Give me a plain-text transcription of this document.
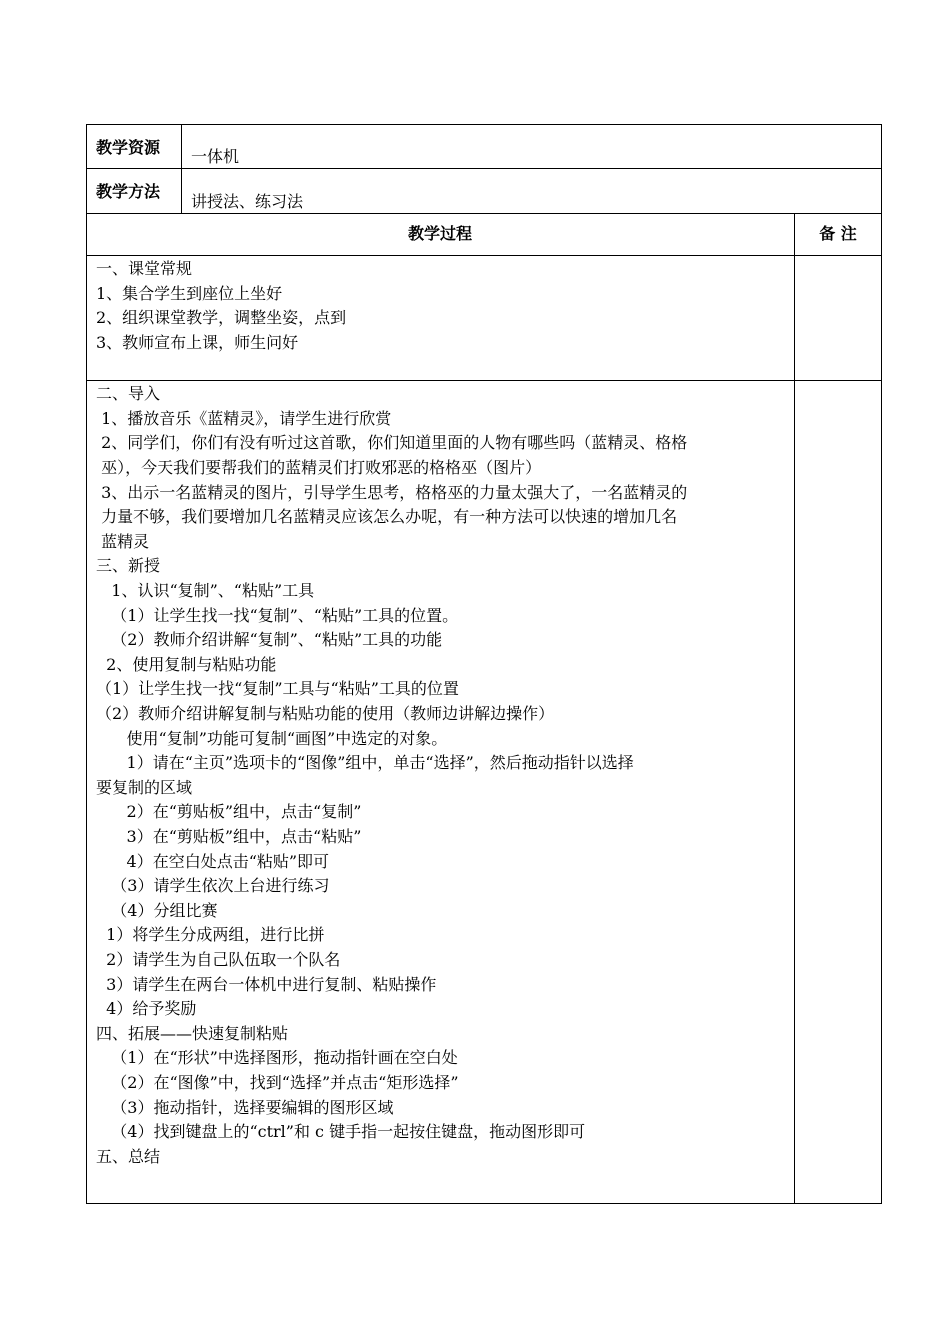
教学资源 一体机
教学方法
讲授法、练习法
教学过程	备 注
一、课堂常规
1、集合学生到座位上坐好
2、组织课堂教学，调整坐姿，点到
3、教师宣布上课，师生问好
二、导入
1、播放音乐《蓝精灵》，请学生进行欣赏
2、同学们，你们有没有听过这首歌，你们知道里面的人物有哪些吗（蓝精灵、格格
巫），今天我们要帮我们的蓝精灵们打败邪恶的格格巫（图片）
3、出示一名蓝精灵的图片，引导学生思考，格格巫的力量太强大了，一名蓝精灵的
力量不够，我们要增加几名蓝精灵应该怎么办呢，有一种方法可以快速的增加几名
蓝精灵
三、新授
1、认识“复制”、“粘贴”工具
（1）让学生找一找“复制”、“粘贴”工具的位置。
（2）教师介绍讲解“复制”、“粘贴”工具的功能
2、使用复制与粘贴功能
（1）让学生找一找“复制”工具与“粘贴”工具的位置
（2）教师介绍讲解复制与粘贴功能的使用（教师边讲解边操作）
使用“复制”功能可复制“画图”中选定的对象。
1）请在“主页”选项卡的“图像”组中，单击“选择”，然后拖动指针以选择
要复制的区域
2）在“剪贴板”组中，点击“复制”
3）在“剪贴板”组中，点击“粘贴”
4）在空白处点击“粘贴”即可
（3）请学生依次上台进行练习
（4）分组比赛
1）将学生分成两组，进行比拼
2）请学生为自己队伍取一个队名
3）请学生在两台一体机中进行复制、粘贴操作
4）给予奖励
四、拓展——快速复制粘贴
（1）在“形状”中选择图形，拖动指针画在空白处
（2）在“图像”中，找到“选择”并点击“矩形选择”
（3）拖动指针，选择要编辑的图形区域
（4）找到键盘上的“ctrl”和 c 键手指一起按住键盘，拖动图形即可
五、总结
